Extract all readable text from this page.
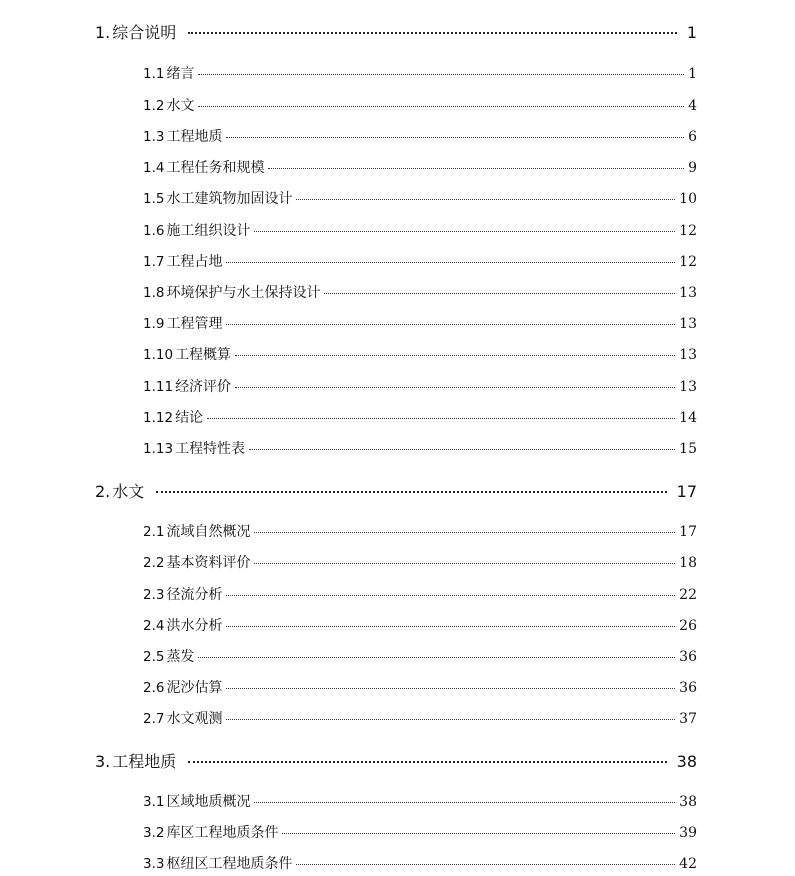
1. 综合说明	1
1.1 绪言	1
1.2 水文	4
1.3 工程地质	6
1.4 工程任务和规模	9
1.5 水工建筑物加固设计	10
1.6 施工组织设计	12
1.7 工程占地	12
1.8 环境保护与水土保持设计	13
1.9 工程管理	13
1.10 工程概算	13
1.11 经济评价	13
1.12 结论	14
1.13 工程特性表	15
2. 水文	17
2.1 流域自然概况	17
2.2 基本资料评价	18
2.3 径流分析	22
2.4 洪水分析	26
2.5 蒸发	36
2.6 泥沙估算	36
2.7 水文观测	37
3. 工程地质	38
3.1 区域地质概况	38
3.2 库区工程地质条件	39
3.3 枢纽区工程地质条件	42
